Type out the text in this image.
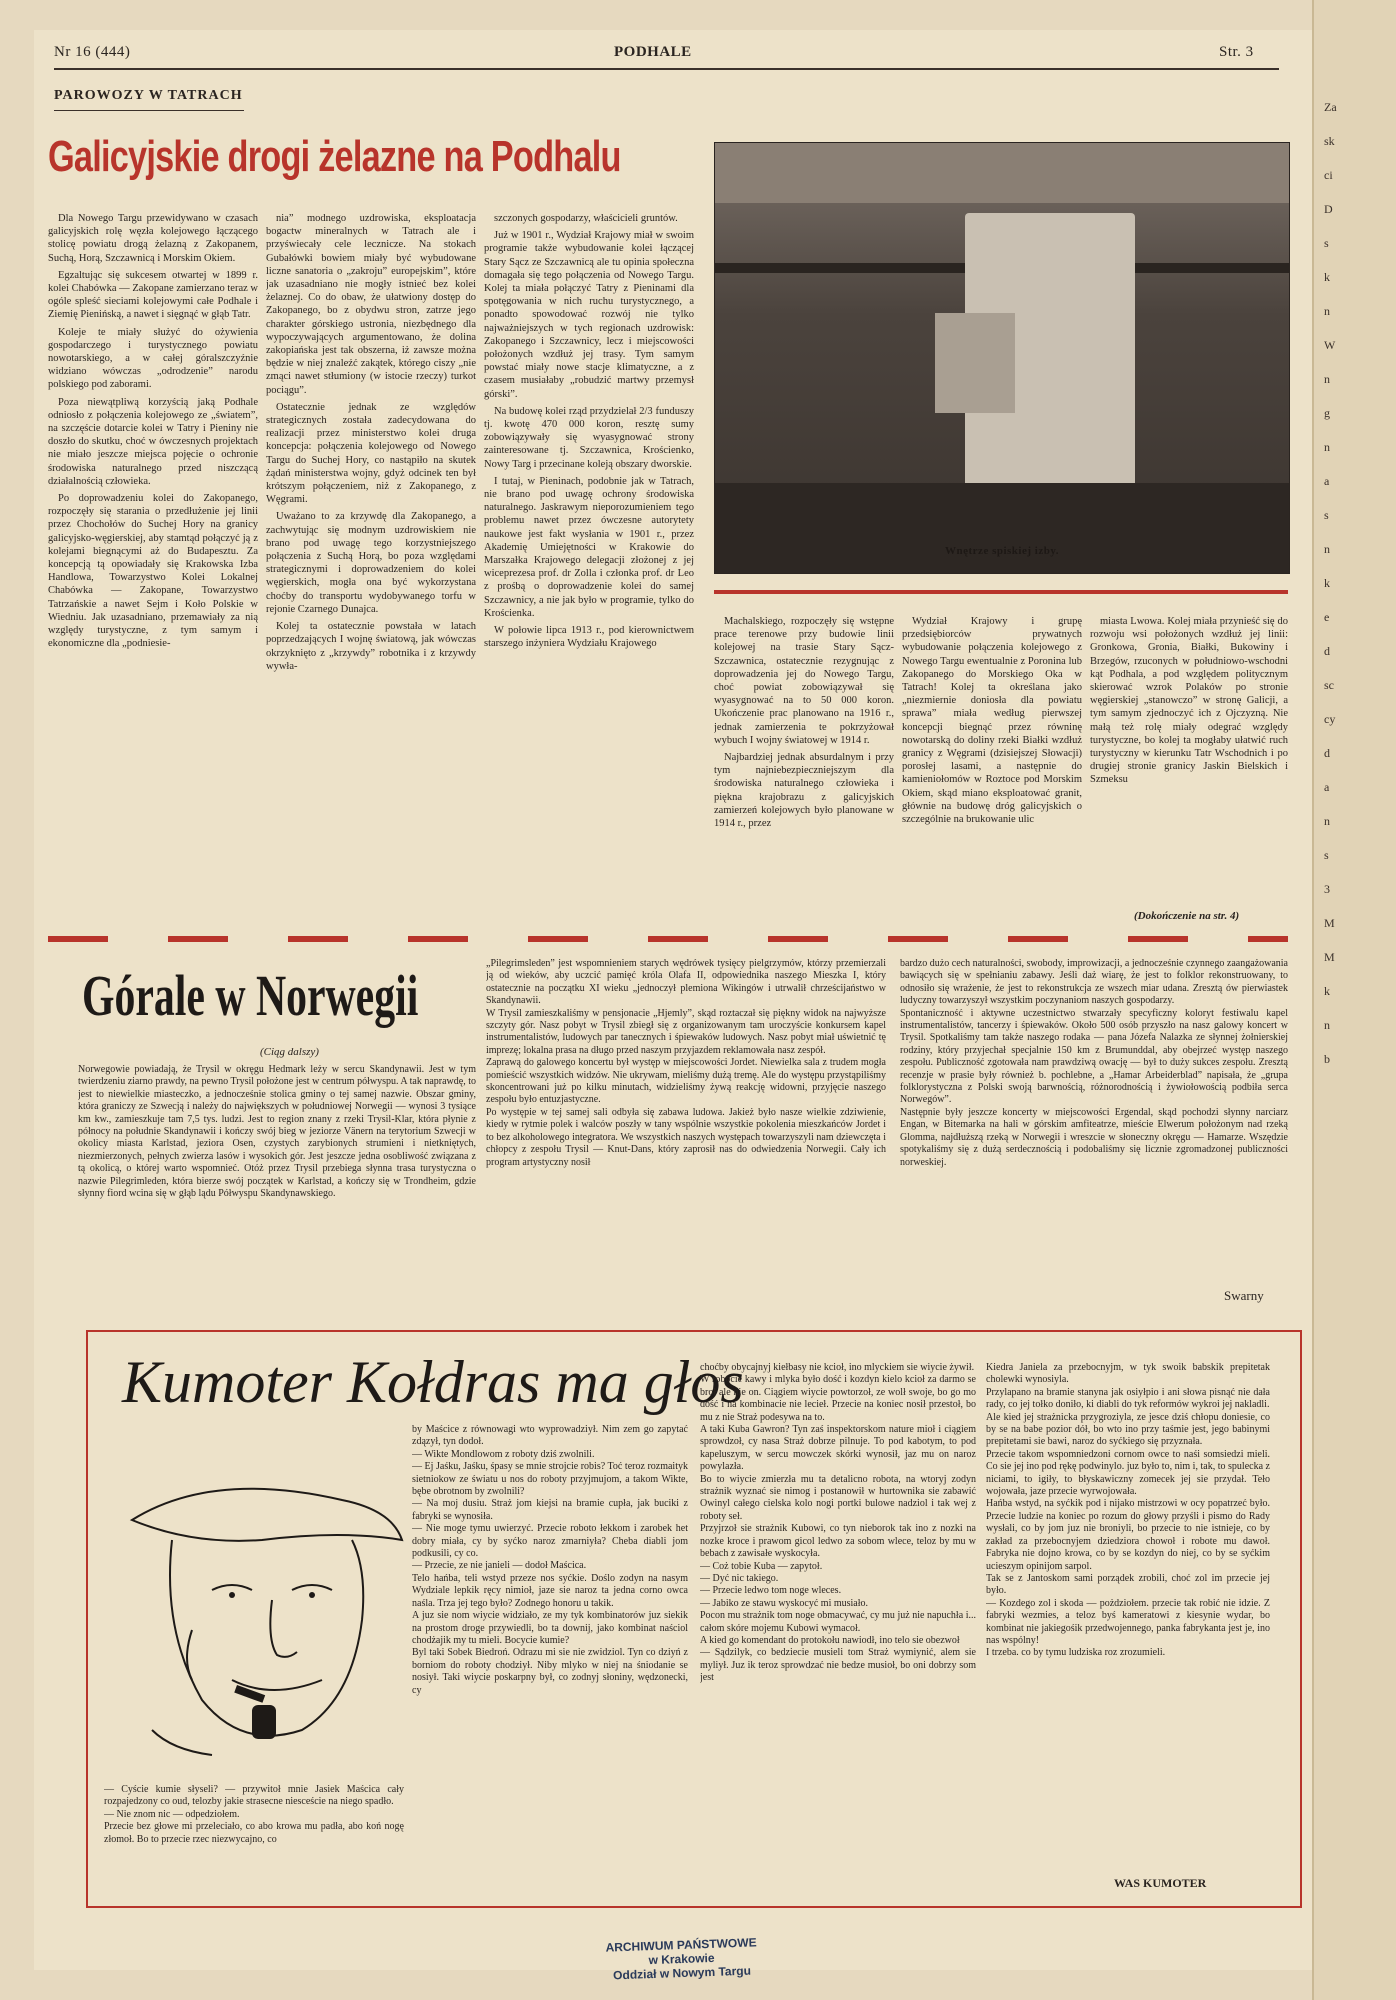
Nr 16 (444)	PODHALE	Str. 3
PAROWOZY W TATRACH
Galicyjskie drogi żelazne na Podhalu

Dla Nowego Targu przewidywano w czasach galicyjskich rolę węzła kolejowego łączącego stolicę powiatu drogą żelazną z Zakopanem, Suchą, Horą, Szczawnicą i Morskim Okiem.

Egzaltując się sukcesem otwartej w 1899 r. kolei Chabówka — Zakopane zamierzano teraz w ogóle spleść sieciami kolejowymi całe Podhale i Ziemię Pienińską, a nawet i sięgnąć w głąb Tatr.

Koleje te miały służyć do ożywienia gospodarczego i turystycznego powiatu nowotarskiego, a w całej góralszczyźnie widziano wówczas „odrodzenie” narodu polskiego pod zaborami.

Poza niewątpliwą korzyścią jaką Podhale odniosło z połączenia kolejowego ze „światem”, na szczęście dotarcie kolei w Tatry i Pieniny nie doszło do skutku, choć w ówczesnych projektach nie miało jeszcze miejsca pojęcie o ochronie środowiska naturalnego przed niszczącą działalnością człowieka.

Po doprowadzeniu kolei do Zakopanego, rozpoczęły się starania o przedłużenie jej linii przez Chochołów do Suchej Hory na granicy galicyjsko-węgierskiej, aby stamtąd połączyć ją z kolejami biegnącymi aż do Budapesztu. Za koncepcją tą opowiadały się Krakowska Izba Handlowa, Towarzystwo Kolei Lokalnej Chabówka — Zakopane, Towarzystwo Tatrzańskie a nawet Sejm i Koło Polskie w Wiedniu. Jak uzasadniano, przemawiały za nią względy turystyczne, z tym samym i ekonomiczne dla „podniesie-

nia” modnego uzdrowiska, eksploatacja bogactw mineralnych w Tatrach ale i przyświecały cele lecznicze. Na stokach Gubałówki bowiem miały być wybudowane liczne sanatoria o „zakroju” europejskim”, które jak uzasadniano nie mogły istnieć bez kolei żelaznej. Co do obaw, że ułatwiony dostęp do Zakopanego, bo z obydwu stron, zatrze jego charakter górskiego ustronia, niezbędnego dla wypoczywających argumentowano, że dolina zakopiańska jest tak obszerna, iż zawsze można będzie w niej znaleźć zakątek, którego ciszy „nie zmąci nawet stłumiony (w istocie rzeczy) turkot pociągu”.

Ostatecznie jednak ze względów strategicznych została zadecydowana do realizacji przez ministerstwo kolei druga koncepcja: połączenia kolejowego od Nowego Targu do Suchej Hory, co nastąpiło na skutek żądań ministerstwa wojny, gdyż odcinek ten był krótszym połączeniem, niż z Zakopanego, z Węgrami.

Uważano to za krzywdę dla Zakopanego, a zachwytując się modnym uzdrowiskiem nie brano pod uwagę tego korzystniejszego połączenia z Suchą Horą, bo poza względami strategicznymi i doprowadzeniem do kolei węgierskich, mogła ona być wykorzystana choćby do transportu wydobywanego torfu w rejonie Czarnego Dunajca.

Kolej ta ostatecznie powstała w latach poprzedzających I wojnę światową, jak wówczas okrzyknięto z „krzywdy” robotnika i z krzywdy wywła-

szczonych gospodarzy, właścicieli gruntów.

Już w 1901 r., Wydział Krajowy miał w swoim programie także wybudowanie kolei łączącej Stary Sącz ze Szczawnicą ale tu opinia społeczna domagała się tego połączenia od Nowego Targu. Kolej ta miała połączyć Tatry z Pieninami dla spotęgowania w nich ruchu turystycznego, a ponadto spowodować rozwój nie tylko najważniejszych w tych regionach uzdrowisk: Zakopanego i Szczawnicy, lecz i miejscowości położonych wzdłuż jej trasy. Tym samym powstać miały nowe stacje klimatyczne, a z czasem musiałaby „robudzić martwy przemysł górski”.

Na budowę kolei rząd przydzielał 2/3 funduszy tj. kwotę 470 000 koron, resztę sumy zobowiązywały się wyasygnować strony zainteresowane tj. Szczawnica, Krościenko, Nowy Targ i przecinane koleją obszary dworskie.

I tutaj, w Pieninach, podobnie jak w Tatrach, nie brano pod uwagę ochrony środowiska naturalnego. Jaskrawym nieporozumieniem tego problemu nawet przez ówczesne autorytety naukowe jest fakt wysłania w 1901 r., przez Akademię Umiejętności w Krakowie do Marszałka Krajowego delegacji złożonej z jej wiceprezesa prof. dr Zolla i członka prof. dr Leo z prośbą o doprowadzenie kolei do samej Szczawnicy, a nie jak było w programie, tylko do Krościenka.

W połowie lipca 1913 r., pod kierownictwem starszego inżyniera Wydziału Krajowego

Wnętrze spiskiej izby.

Machalskiego, rozpoczęły się wstępne prace terenowe przy budowie linii kolejowej na trasie Stary Sącz-Szczawnica, ostatecznie rezygnując z doprowadzenia jej do Nowego Targu, choć powiat zobowiązywał się wyasygnować na to 50 000 koron. Ukończenie prac planowano na 1916 r., jednak zamierzenia te pokrzyżował wybuch I wojny światowej w 1914 r.

Najbardziej jednak absurdalnym i przy tym najniebezpieczniejszym dla środowiska naturalnego człowieka i piękna krajobrazu z galicyjskich zamierzeń kolejowych było planowane w 1914 r., przez

Wydział Krajowy i grupę przedsiębiorców prywatnych wybudowanie połączenia kolejowego z Nowego Targu ewentualnie z Poronina lub Zakopanego do Morskiego Oka w Tatrach! Kolej ta określana jako „niezmiernie doniosła dla powiatu sprawa” miała według pierwszej koncepcji biegnąć przez równinę nowotarską do doliny rzeki Białki wzdłuż granicy z Węgrami (dzisiejszej Słowacji) porosłej lasami, a następnie do kamieniołomów w Roztoce pod Morskim Okiem, skąd miano eksploatować granit, głównie na budowę dróg galicyjskich o szczególnie na brukowanie ulic

miasta Lwowa. Kolej miała przynieść się do rozwoju wsi położonych wzdłuż jej linii: Gronkowa, Gronia, Białki, Bukowiny i Brzegów, rzuconych w południowo-wschodni kąt Podhala, a pod względem politycznym skierować wzrok Polaków po stronie węgierskiej „stanowczo” w stronę Galicji, a tym samym zjednoczyć ich z Ojczyzną. Nie małą też rolę miały odegrać względy turystyczne, bo kolej ta mogłaby ułatwić ruch turystyczny w kierunku Tatr Wschodnich i po drugiej stronie granicy Jaskin Bielskich i Szmeksu

(Dokończenie na str. 4)
Górale w Norwegii
(Ciąg dalszy)
Norwegowie powiadają, że Trysil w okręgu Hedmark leży w sercu Skandynawii. Jest w tym twierdzeniu ziarno prawdy, na pewno Trysil położone jest w centrum półwyspu. A tak naprawdę, to jest to niewielkie miasteczko, a jednocześnie stolica gminy o tej samej nazwie. Obszar gminy, która graniczy ze Szwecją i należy do największych w południowej Norwegii — wynosi 3 tysiące km kw., zamieszkuje tam 7,5 tys. ludzi. Jest to region znany z rzeki Trysil-Klar, która płynie z północy na południe Skandynawii i kończy swój bieg w jeziorze Vänern na terytorium Szwecji w okolicy miasta Karlstad, jeziora Osen, czystych zarybionych strumieni i nietkniętych, niezmierzonych, pełnych zwierza lasów i wysokich gór. Jest jeszcze jedna osobliwość związana z tą okolicą, o której warto wspomnieć. Otóż przez Trysil przebiega słynna trasa turystyczna o nazwie Pilegrimleden, która bierze swój początek w Karlstad, a kończy się w Trondheim, gdzie słynny fiord wcina się w głąb lądu Półwyspu Skandynawskiego.
„Pilegrimsleden” jest wspomnieniem starych wędrówek tysięcy pielgrzymów, którzy przemierzali ją od wieków, aby uczcić pamięć króla Olafa II, odpowiednika naszego Mieszka I, który ostatecznie na początku XI wieku „jednoczył plemiona Wikingów i utrwalił chrześcijaństwo w Skandynawii.
W Trysil zamieszkaliśmy w pensjonacie „Hjemly”, skąd roztaczał się piękny widok na najwyższe szczyty gór. Nasz pobyt w Trysil zbiegł się z organizowanym tam uroczyście konkursem kapel instrumentalistów, ludowych par tanecznych i śpiewaków ludowych. Nasz pobyt miał uświetnić tę imprezę; lokalna prasa na długo przed naszym przyjazdem reklamowała nasz zespół.
Zaprawą do galowego koncertu był występ w miejscowości Jordet. Niewielka sala z trudem mogła pomieścić wszystkich widzów. Nie ukrywam, mieliśmy dużą tremę. Ale do występu przystąpiliśmy skoncentrowani już po kilku minutach, widzieliśmy żywą reakcję widowni, przyjęcie naszego zespołu było entuzjastyczne.
Po występie w tej samej sali odbyła się zabawa ludowa. Jakież było nasze wielkie zdziwienie, kiedy w rytmie polek i walców poszły w tany wspólnie wszystkie pokolenia mieszkańców Jordet i to bez alkoholowego integratora. We wszystkich naszych występach towarzyszyli nam dziewczęta i chłopcy z zespołu Trysil — Knut-Dans, który zaprosił nas do odwiedzenia Norwegii. Cały ich program artystyczny nosił
bardzo dużo cech naturalności, swobody, improwizacji, a jednocześnie czynnego zaangażowania bawiących się w spełnianiu zabawy. Jeśli daż wiarę, że jest to folklor rekonstruowany, to odnosiło się wrażenie, że jest to rekonstrukcja ze wszech miar udana. Zresztą ów pierwiastek ludyczny towarzyszył wszystkim poczynaniom naszych gospodarzy.
Spontaniczność i aktywne uczestnictwo stwarzały specyficzny koloryt festiwalu kapel instrumentalistów, tancerzy i śpiewaków. Około 500 osób przyszło na nasz galowy koncert w Trysil. Spotkaliśmy tam także naszego rodaka — pana Józefa Nalazka ze słynnej żołnierskiej rodziny, który przyjechał specjalnie 150 km z Brumunddal, aby obejrzeć występ naszego zespołu. Publiczność zgotowała nam prawdziwą owację — był to duży sukces zespołu. Zresztą recenzje w prasie były również b. pochlebne, a „Hamar Arbeiderblad” napisała, że „grupa folklorystyczna z Polski swoją barwnością, różnorodnością i żywiołowością podbiła serca Norwegów”.
Następnie były jeszcze koncerty w miejscowości Ergendal, skąd pochodzi słynny narciarz Engan, w Bitemarka na hali w górskim amfiteatrze, mieście Elwerum położonym nad rzeką Glomma, najdłuższą rzeką w Norwegii i wreszcie w słoneczny okręgu — Hamarze. Wszędzie spotykaliśmy się z dużą serdecznością i podobaliśmy się licznie zgromadzonej publiczności norweskiej.
Swarny
Kumoter Kołdras ma głos
— Cyście kumie słyseli? — przywitoł mnie Jasiek Maścica cały rozpajedzony co oud, telozby jakie strasecne niesceście na niego spadło.
— Nie znom nic — odpedziołem.
Przecie bez głowe mi przeleciało, co abo krowa mu padła, abo koń nogę złomoł. Bo to przecie rzec niezwycajno, co
by Maścice z równowagi wto wyprowadziył. Nim zem go zapytać zdązył, tyn dodoł.
— Wikte Mondlowom z roboty dziś zwolnili.
— Ej Jaśku, Jaśku, śpasy se mnie strojcie robis? Toć teroz rozmaityk sietniokow ze światu u nos do roboty przyjmujom, a takom Wikte, bębe obrotnom by zwolnili?
— Na moj dusiu. Straż jom kiejsi na bramie cupła, jak buciki z fabryki se wynosiła.
— Nie moge tymu uwierzyć. Przecie roboto łekkom i zarobek het dobry miała, cy by syćko naroz zmarniyła? Cheba diabli jom podkusili, cy co.
— Przecie, ze nie janieli — dodoł Maścica.
Telo hańba, teli wstyd przeze nos syćkie. Doślo zodyn na nasym Wydziale lepkik ręcy nimioł, jaze sie naroz ta jedna corno owca naśla. Trza jej tego było? Zodnego honoru u takik.
A juz sie nom wiycie widziało, ze my tyk kombinatorów juz siekik na prostom droge przywiedli, bo ta downij, jako kombinat naściol chodżajik my tu mieli. Bocycie kumie?
Byl taki Sobek Biedroń. Odrazu mi sie nie zwidziol. Tyn co dziyń z borniom do roboty chodziył. Niby mlyko w niej na śniodanie se nosiył. Taki wiycie poskarpny był, co zodnyj słoniny, wędzonecki, cy
choćby obycajnyj kiełbasy nie kcioł, ino mlyckiem sie wiycie żywił.
W robocie kawy i mlyka było dość i kozdyn kielo kcioł za darmo se broł ale nie on. Ciągiem wiycie powtorzoł, ze wolł swoje, bo go mo dość i na kombinacie nie lecieł. Przecie na koniec nosił przestoł, bo mu z nie Straż podesywa na to.
A taki Kuba Gawron? Tyn zaś inspektorskom nature mioł i ciągiem sprowdzoł, cy nasa Straż dobrze pilnuje. To pod kabotym, to pod kapeluszym, w sercu mowczek skórki wynosił, jaz mu on naroz powylazła.
Bo to wiycie zmierzła mu ta detalicno robota, na wtoryj zodyn strażnik wyznać sie nimog i postanowił w hurtownika sie zabawić Owinyl całego cielska kolo nogi portki bulowe nadziol i tak wej z roboty seł.
Przyjrzoł sie strażnik Kubowi, co tyn nieborok tak ino z nozki na nozke kroce i prawom gicol ledwo za sobom wlece, teloz by mu w bebach z zawisałe wyskocyła.
— Coż tobie Kuba — zapytoł.
— Dyć nic takiego.
— Przecie ledwo tom noge wleces.
— Jabiko ze stawu wyskocyć mi musiało.
Pocon mu strażnik tom noge obmacywać, cy mu już nie napuchła i... całom skóre mojemu Kubowi wymacoł.
A kied go komendant do protokołu nawiodł, ino telo sie obezwoł
— Sądzilyk, co bedziecie musieli tom Straż wymiynić, alem sie myliył. Juz ik teroz sprowdzać nie bedze musioł, bo oni dobrzy som jest
Kiedra Janiela za przebocnyjm, w tyk swoik babskik prepitetak cholewki wynosiyla.
Przylapano na bramie stanyna jak osiyłpio i ani słowa pisnąć nie dała rady, co jej tołko doniło, ki diabli do tyk reformów wykroi jej nakladli.
Ale kied jej strażnicka przygroziyla, ze jesce dziś chłopu doniesie, co by se na babe pozior dół, bo wto ino przy taśmie jest, jego babinymi prepitetami sie bawi, naroz do syćkiego się przyznała.
Przecie takom wspomniedzoni cornom owce to naśi somsiedzi mieli. Co sie jej ino pod rękę podwinylo. juz było to, nim i, tak, to spulecka z niciami, to igiły, to błyskawiczny zomecek jej sie przydał. Teło wojowała, jaze przecie wyrwojowała.
Hańba wstyd, na syćkik pod i nijako mistrzowi w ocy popatrzeć było. Przecie ludzie na koniec po rozum do głowy przyśli i pismo do Rady wysłali, co by jom juz nie broniyli, bo przecie to nie istnieje, co by zakład za przebocnyjem dziedziora chowoł i robote mu dawoł. Fabryka nie dojno krowa, co by se kozdyn do niej, co by se syćkim ucieszym opinijom sarpol.
Tak se z Jantoskom sami porządek zrobili, choć zol im przecie jej było.
— Kozdego zol i skoda — pożdziołem. przecie tak robić nie idzie. Z fabryki wezmies, a teloz byś kameratowi z kiesynie wydar, bo kombinat nie jakiegośik przedwojennego, panka fabrykanta jest je, ino nas wspólny!
I trzeba. co by tymu ludziska roz zrozumieli.
WAS KUMOTER
ARCHIWUM PAŃSTWOWE
w Krakowie
Oddział w Nowym Targu
Za
sk
ci
D
s
k
n
W
n
g
n
a
s
n
k
e
d
sc
cy
d
a
n
s
3
M
M
k
n
b
